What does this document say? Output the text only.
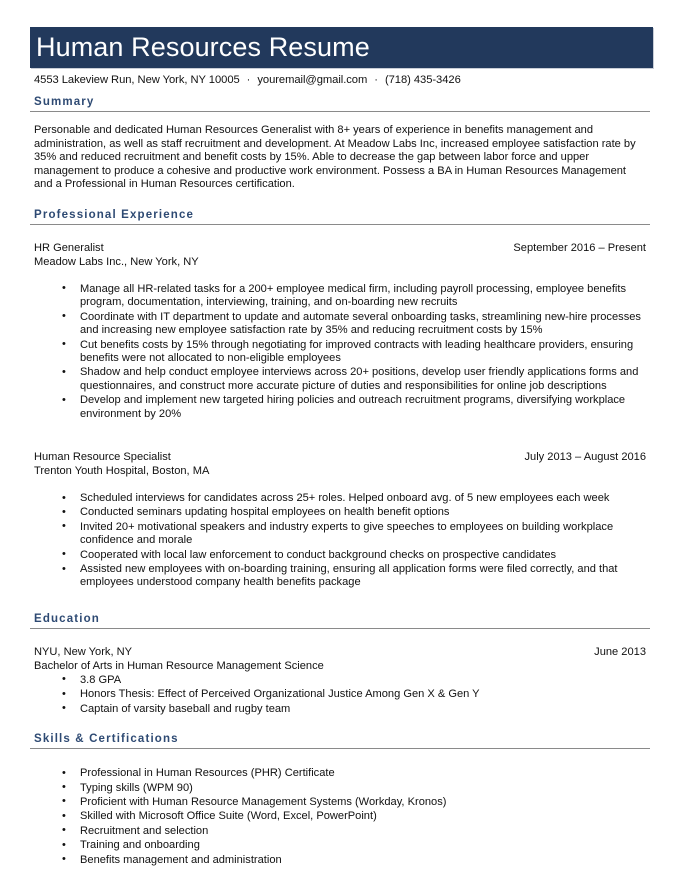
Human Resources Resume
4553 Lakeview Run, New York, NY 10005 · youremail@gmail.com · (718) 435-3426
Summary
Personable and dedicated Human Resources Generalist with 8+ years of experience in benefits management and administration, as well as staff recruitment and development. At Meadow Labs Inc, increased employee satisfaction rate by 35% and reduced recruitment and benefit costs by 15%. Able to decrease the gap between labor force and upper management to produce a cohesive and productive work environment. Possess a BA in Human Resources Management and a Professional in Human Resources certification.
Professional Experience
HR Generalist	September 2016 – Present
Meadow Labs Inc., New York, NY
• Manage all HR-related tasks for a 200+ employee medical firm, including payroll processing, employee benefits program, documentation, interviewing, training, and on-boarding new recruits
• Coordinate with IT department to update and automate several onboarding tasks, streamlining new-hire processes and increasing new employee satisfaction rate by 35% and reducing recruitment costs by 15%
• Cut benefits costs by 15% through negotiating for improved contracts with leading healthcare providers, ensuring benefits were not allocated to non-eligible employees
• Shadow and help conduct employee interviews across 20+ positions, develop user friendly applications forms and questionnaires, and construct more accurate picture of duties and responsibilities for online job descriptions
• Develop and implement new targeted hiring policies and outreach recruitment programs, diversifying workplace environment by 20%
Human Resource Specialist	July 2013 – August 2016
Trenton Youth Hospital, Boston, MA
• Scheduled interviews for candidates across 25+ roles. Helped onboard avg. of 5 new employees each week
• Conducted seminars updating hospital employees on health benefit options
• Invited 20+ motivational speakers and industry experts to give speeches to employees on building workplace confidence and morale
• Cooperated with local law enforcement to conduct background checks on prospective candidates
• Assisted new employees with on-boarding training, ensuring all application forms were filed correctly, and that employees understood company health benefits package
Education
NYU, New York, NY	June 2013
Bachelor of Arts in Human Resource Management Science
• 3.8 GPA
• Honors Thesis: Effect of Perceived Organizational Justice Among Gen X & Gen Y
• Captain of varsity baseball and rugby team
Skills & Certifications
• Professional in Human Resources (PHR) Certificate
• Typing skills (WPM 90)
• Proficient with Human Resource Management Systems (Workday, Kronos)
• Skilled with Microsoft Office Suite (Word, Excel, PowerPoint)
• Recruitment and selection
• Training and onboarding
• Benefits management and administration
